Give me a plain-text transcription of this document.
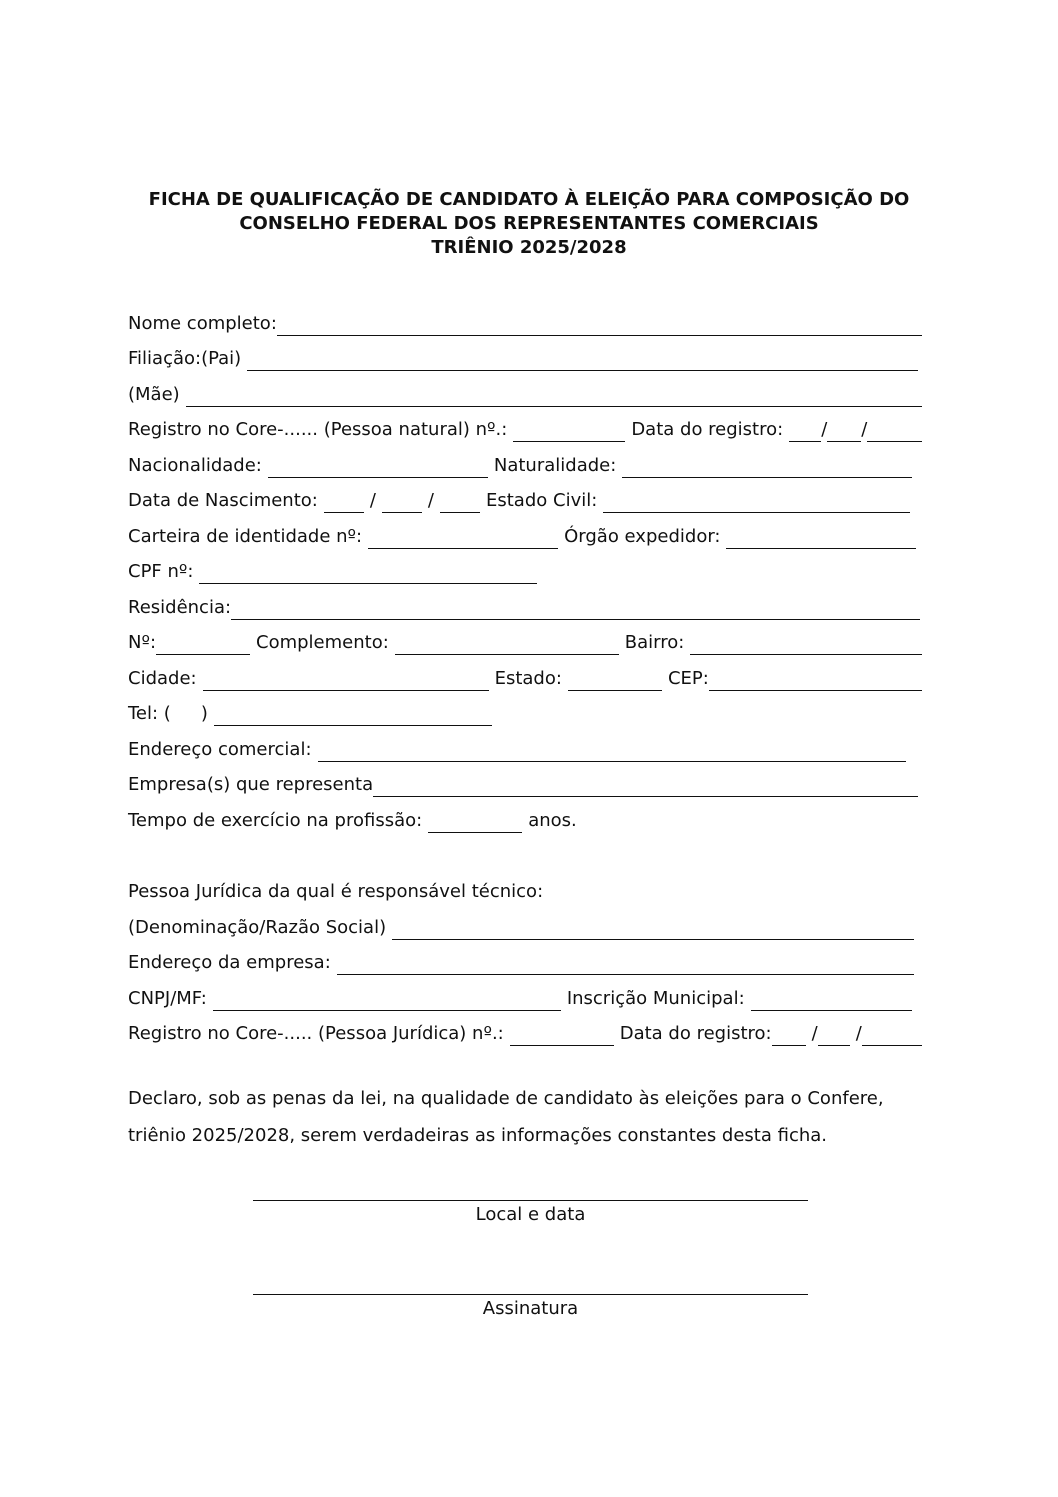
FICHA DE QUALIFICAÇÃO DE CANDIDATO À ELEIÇÃO PARA COMPOSIÇÃO DO
CONSELHO FEDERAL DOS REPRESENTANTES COMERCIAIS
TRIÊNIO 2025/2028
Nome completo:
Filiação:(Pai)
(Mãe)
Registro no Core-...... (Pessoa natural) nº.:	Data do registro: / /
Nacionalidade:	Naturalidade:
Data de Nascimento:	/	/	Estado Civil:
Carteira de identidade nº:	Órgão expedidor:
CPF nº:
Residência:
Nº:	Complemento:	Bairro:
Cidade:	Estado:	CEP:
Tel: ( )
Endereço comercial:
Empresa(s) que representa
Tempo de exercício na profissão:	anos.
Pessoa Jurídica da qual é responsável técnico:
(Denominação/Razão Social)
Endereço da empresa:
CNPJ/MF:	Inscrição Municipal:
Registro no Core-..... (Pessoa Jurídica) nº.:	Data do registro: / /
Declaro, sob as penas da lei, na qualidade de candidato às eleições para o Confere, triênio 2025/2028, serem verdadeiras as informações constantes desta ficha.
Local e data
Assinatura
